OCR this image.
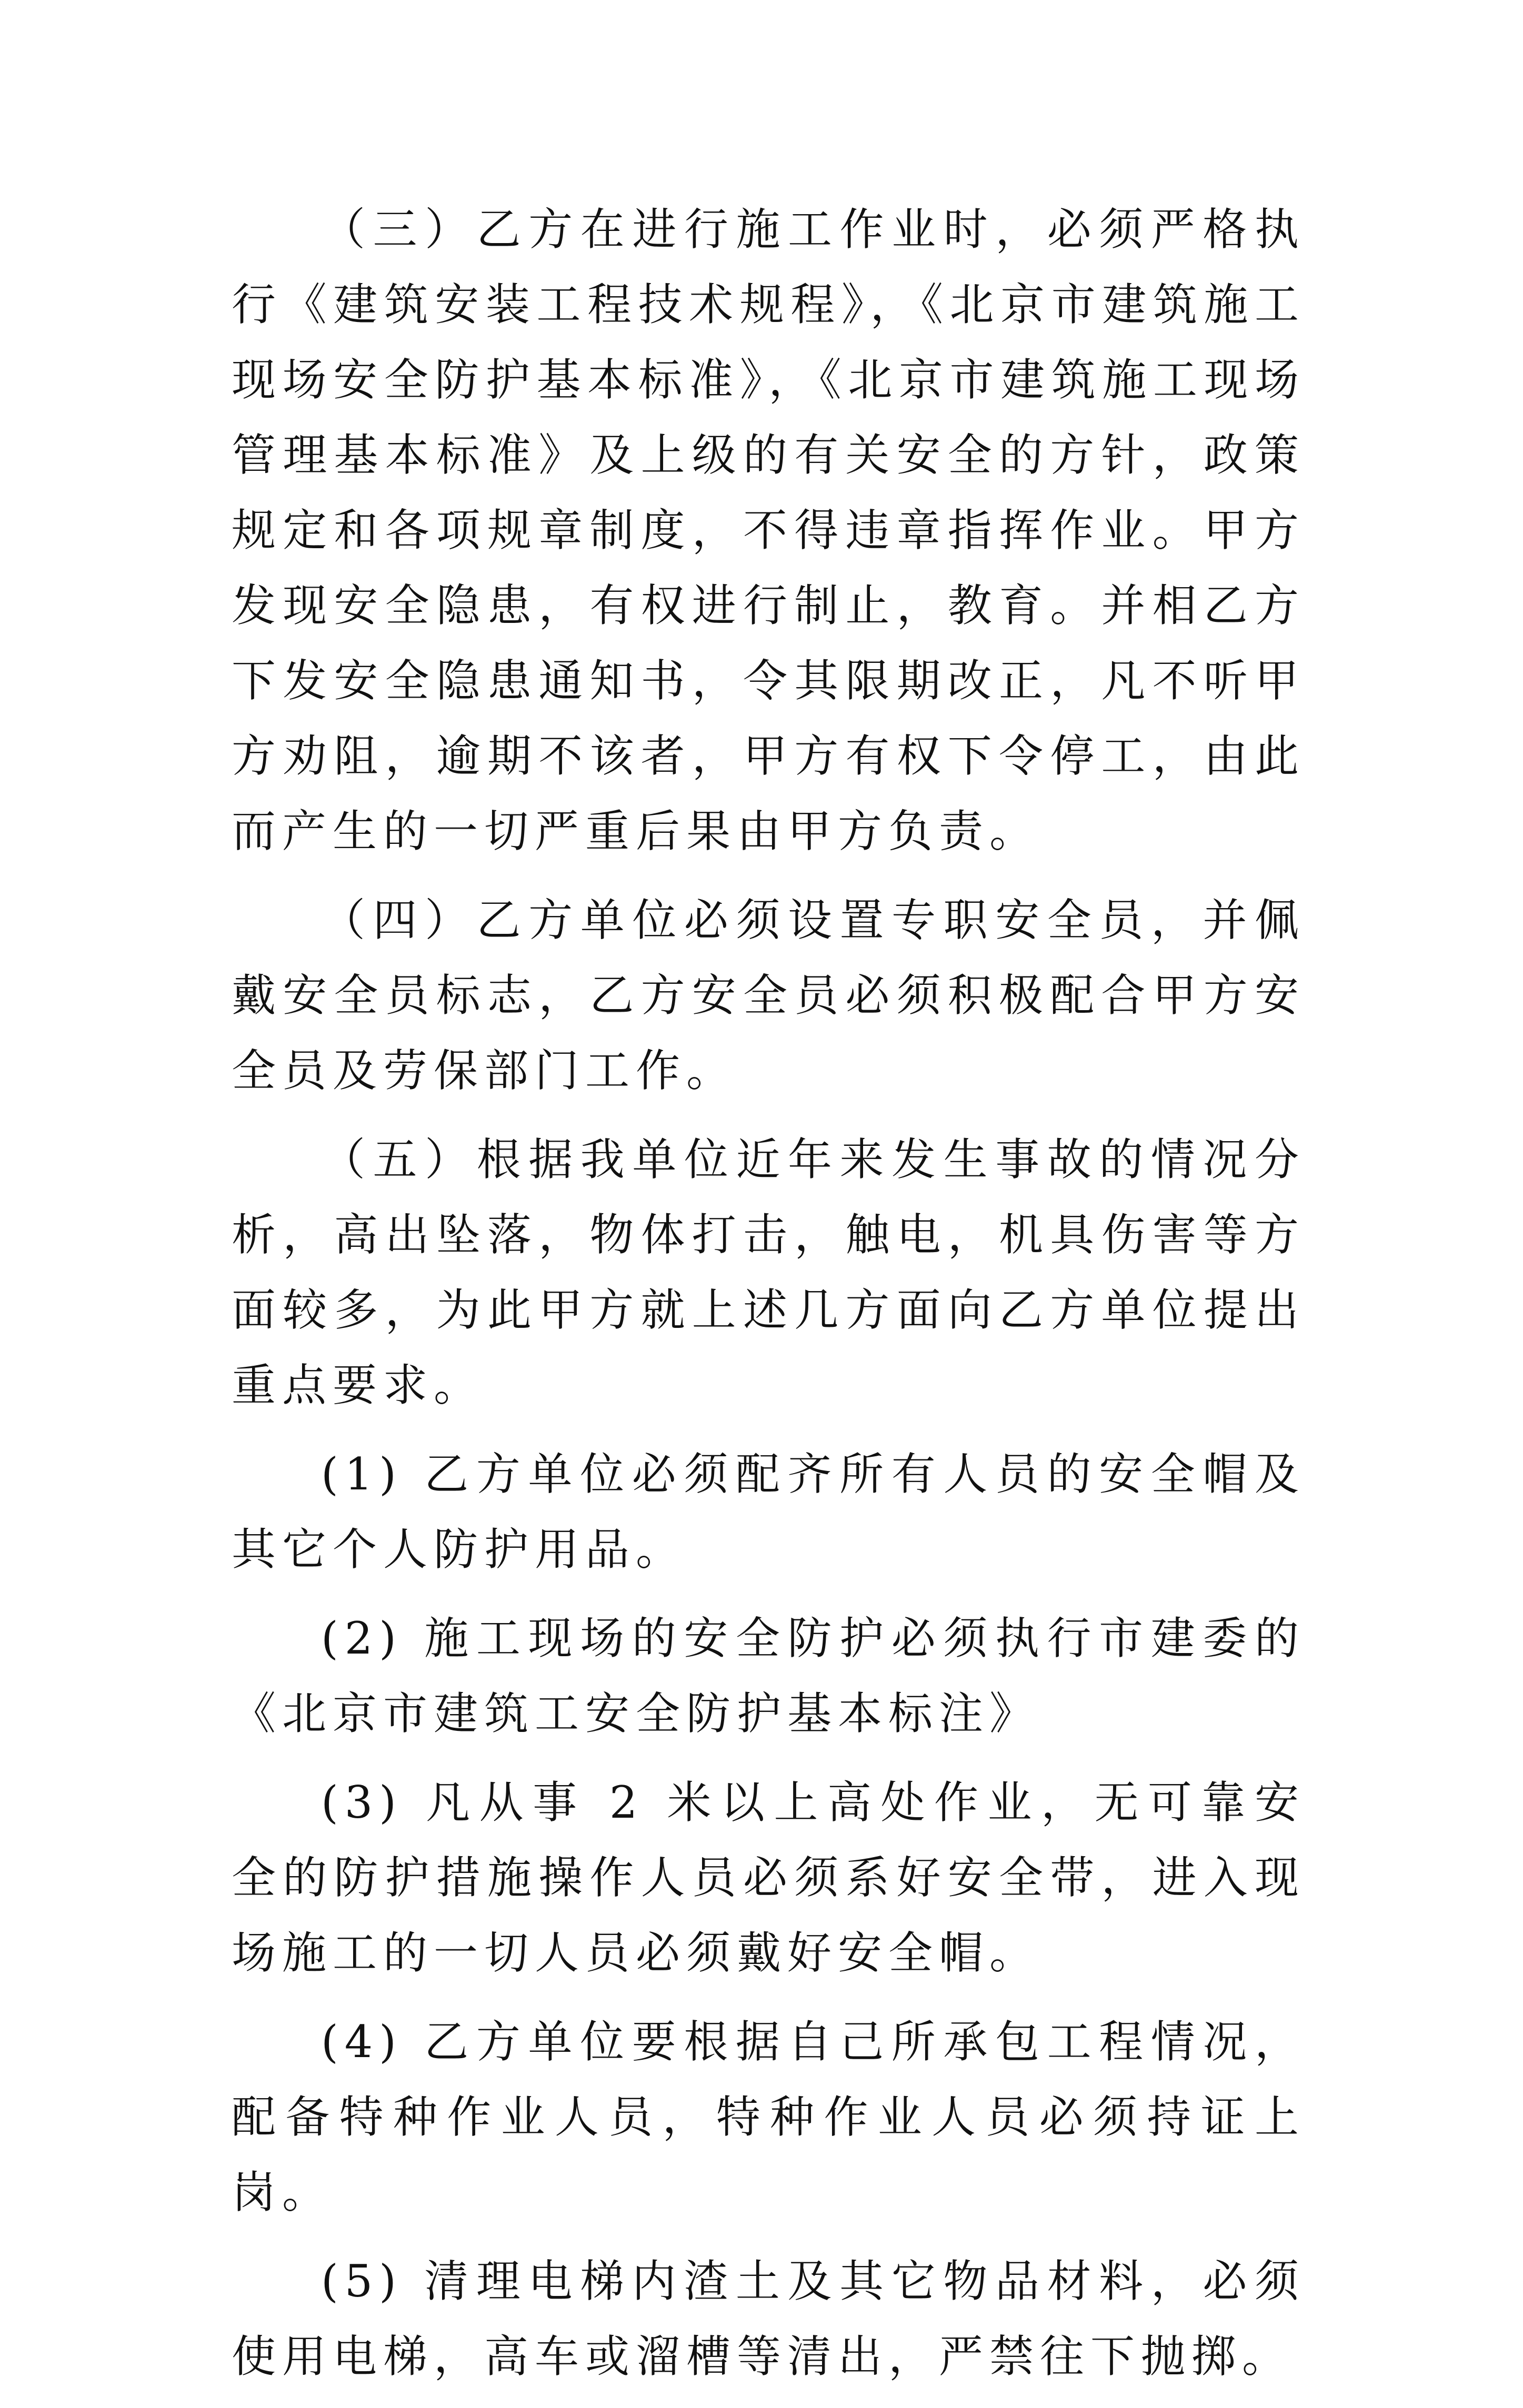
（三）乙方在进行施工作业时，必须严格执行《建筑安装工程技术规程》，《北京市建筑施工现场安全防护基本标准》，《北京市建筑施工现场管理基本标准》及上级的有关安全的方针，政策规定和各项规章制度，不得违章指挥作业。甲方发现安全隐患，有权进行制止，教育。并相乙方下发安全隐患通知书，令其限期改正，凡不听甲方劝阻，逾期不该者，甲方有权下令停工，由此而产生的一切严重后果由甲方负责。

（四）乙方单位必须设置专职安全员，并佩戴安全员标志，乙方安全员必须积极配合甲方安全员及劳保部门工作。

（五）根据我单位近年来发生事故的情况分析，高出坠落，物体打击，触电，机具伤害等方面较多，为此甲方就上述几方面向乙方单位提出重点要求。

(1) 乙方单位必须配齐所有人员的安全帽及其它个人防护用品。

(2) 施工现场的安全防护必须执行市建委的《北京市建筑工安全防护基本标注》

(3) 凡从事 2 米以上高处作业，无可靠安全的防护措施操作人员必须系好安全带，进入现场施工的一切人员必须戴好安全帽。

(4) 乙方单位要根据自己所承包工程情况，配备特种作业人员，特种作业人员必须持证上岗。

(5) 清理电梯内渣土及其它物品材料，必须使用电梯，高车或溜槽等清出，严禁往下抛掷。
